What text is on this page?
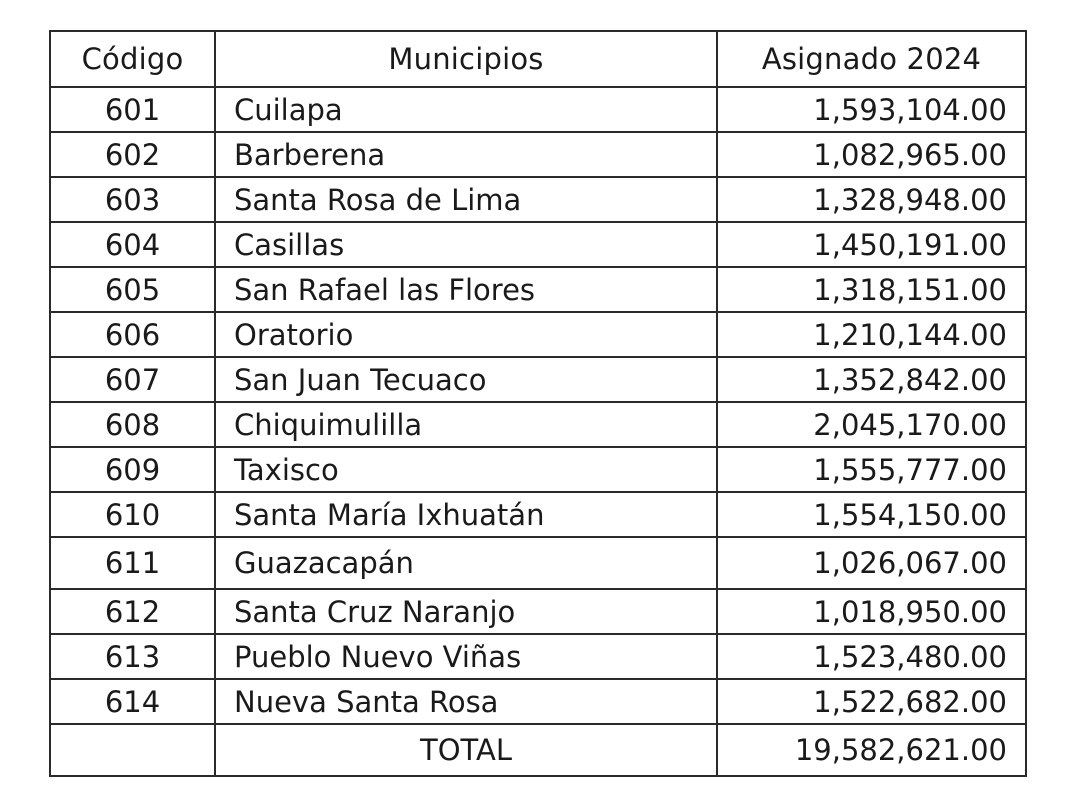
Código	Municipios	Asignado 2024
601	Cuilapa	1,593,104.00
602	Barberena	1,082,965.00
603	Santa Rosa de Lima	1,328,948.00
604	Casillas	1,450,191.00
605	San Rafael las Flores	1,318,151.00
606	Oratorio	1,210,144.00
607	San Juan Tecuaco	1,352,842.00
608	Chiquimulilla	2,045,170.00
609	Taxisco	1,555,777.00
610	Santa María Ixhuatán	1,554,150.00
611	Guazacapán	1,026,067.00
612	Santa Cruz Naranjo	1,018,950.00
613	Pueblo Nuevo Viñas	1,523,480.00
614	Nueva Santa Rosa	1,522,682.00
	TOTAL	19,582,621.00
